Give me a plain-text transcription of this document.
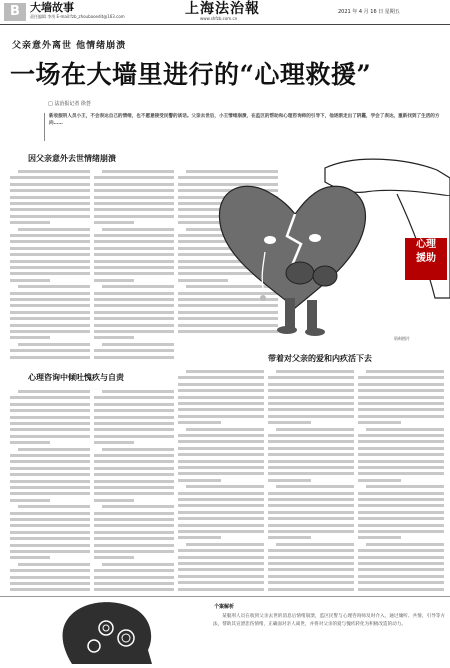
B 大墙故事
责任编辑 李茂 E-mail:fzb_zhoubaoedit@163.com	上海法治報
www.shfzb.com.cn
2021 年 4 月 16 日 星期五
父亲意外离世 他情绪崩溃
一场在大墙里进行的“心理救援”
□ 法治报记者 徐荟
新收服刑人员小王，不会表达自己的情绪，也不愿意接受民警的谈话。父亲去世后，小王情绪崩溃，在监区的帮助和心理咨询师的引导下，他逐渐走出了阴霾，学会了表达，重新找到了生活的方向……
因父亲意外去世情绪崩溃
心理咨询中倾吐愧疚与自责
带着对父亲的爱和内疚活下去
心理
援助
资料图片
个案解析

某服刑人员在收到父亲去世的消息后情绪崩溃，监区民警与心理咨询师及时介入，通过倾听、共情、引导等方法，帮助其宣泄悲伤情绪，正确面对亲人离世，并将对父亲的爱与愧疚转化为积极改造的动力。
